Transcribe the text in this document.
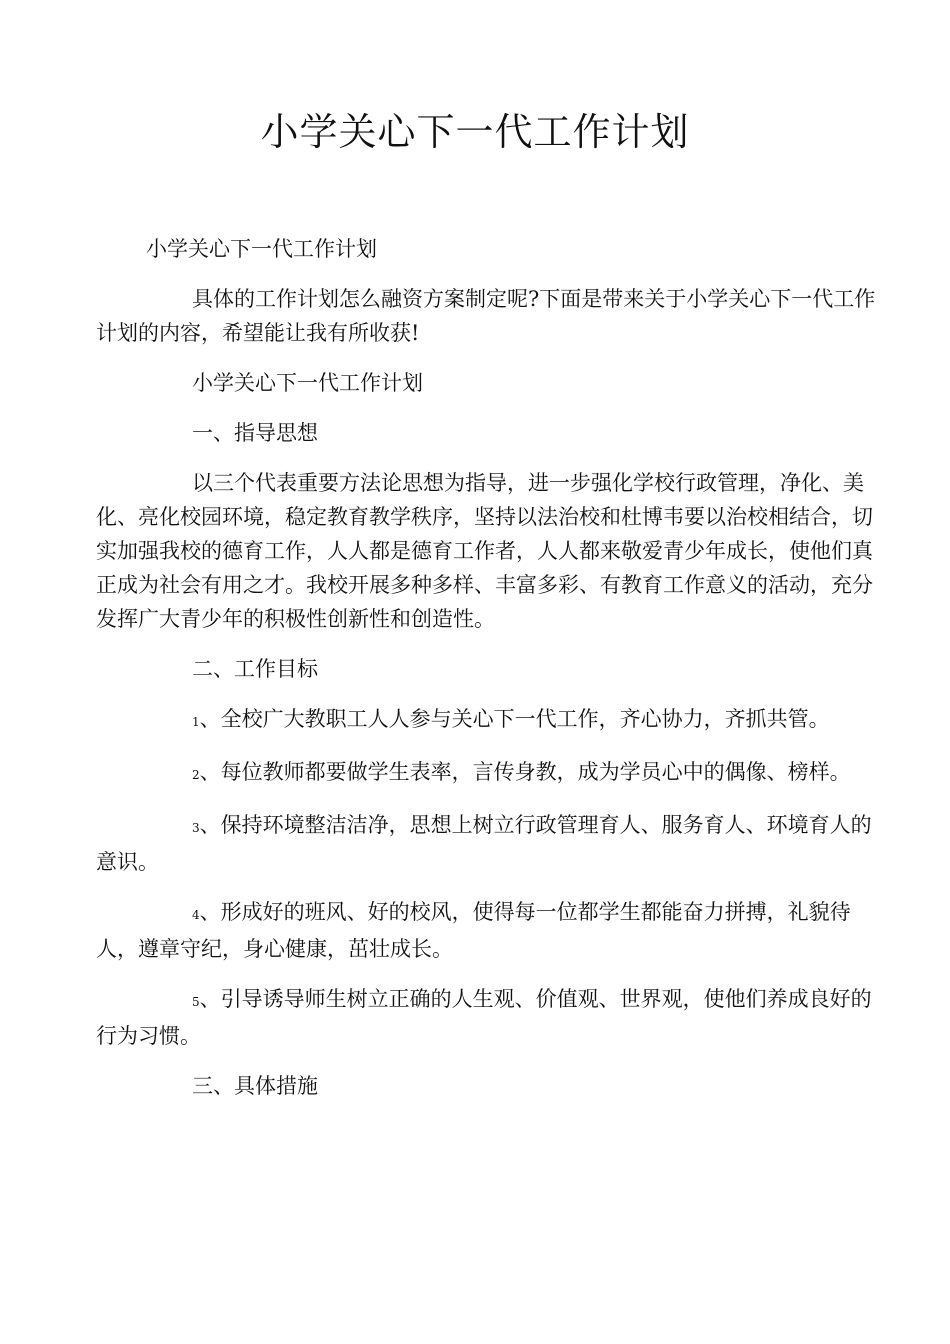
小学关心下一代工作计划

小学关心下一代工作计划

具体的工作计划怎么融资方案制定呢?下面是带来关于小学关心下一代工作计划的内容，希望能让我有所收获!

小学关心下一代工作计划

一、指导思想

以三个代表重要方法论思想为指导，进一步强化学校行政管理，净化、美化、亮化校园环境，稳定教育教学秩序，坚持以法治校和杜博韦要以治校相结合，切实加强我校的德育工作，人人都是德育工作者，人人都来敬爱青少年成长，使他们真正成为社会有用之才。我校开展多种多样、丰富多彩、有教育工作意义的活动，充分发挥广大青少年的积极性创新性和创造性。

二、工作目标

1、全校广大教职工人人参与关心下一代工作，齐心协力，齐抓共管。

2、每位教师都要做学生表率，言传身教，成为学员心中的偶像、榜样。

3、保持环境整洁洁净，思想上树立行政管理育人、服务育人、环境育人的意识。

4、形成好的班风、好的校风，使得每一位都学生都能奋力拼搏，礼貌待人，遵章守纪，身心健康，茁壮成长。

5、引导诱导师生树立正确的人生观、价值观、世界观，使他们养成良好的行为习惯。

三、具体措施
